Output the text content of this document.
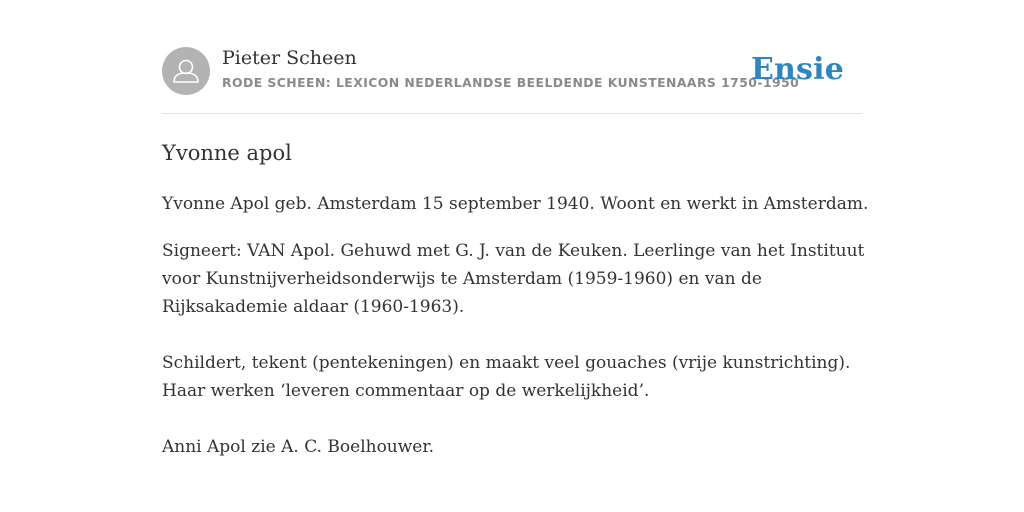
Pieter Scheen
RODE SCHEEN: LEXICON NEDERLANDSE BEELDENDE KUNSTENAARS 1750-1950
Ensie
Yvonne apol
Yvonne Apol geb. Amsterdam 15 september 1940. Woont en werkt in Amsterdam.
Signeert: VAN Apol. Gehuwd met G. J. van de Keuken. Leerlinge van het Instituut
voor Kunstnijverheidsonderwijs te Amsterdam (1959-1960) en van de
Rijksakademie aldaar (1960-1963).
Schildert, tekent (pentekeningen) en maakt veel gouaches (vrije kunstrichting).
Haar werken ‘leveren commentaar op de werkelijkheid’.
Anni Apol zie A. C. Boelhouwer.
